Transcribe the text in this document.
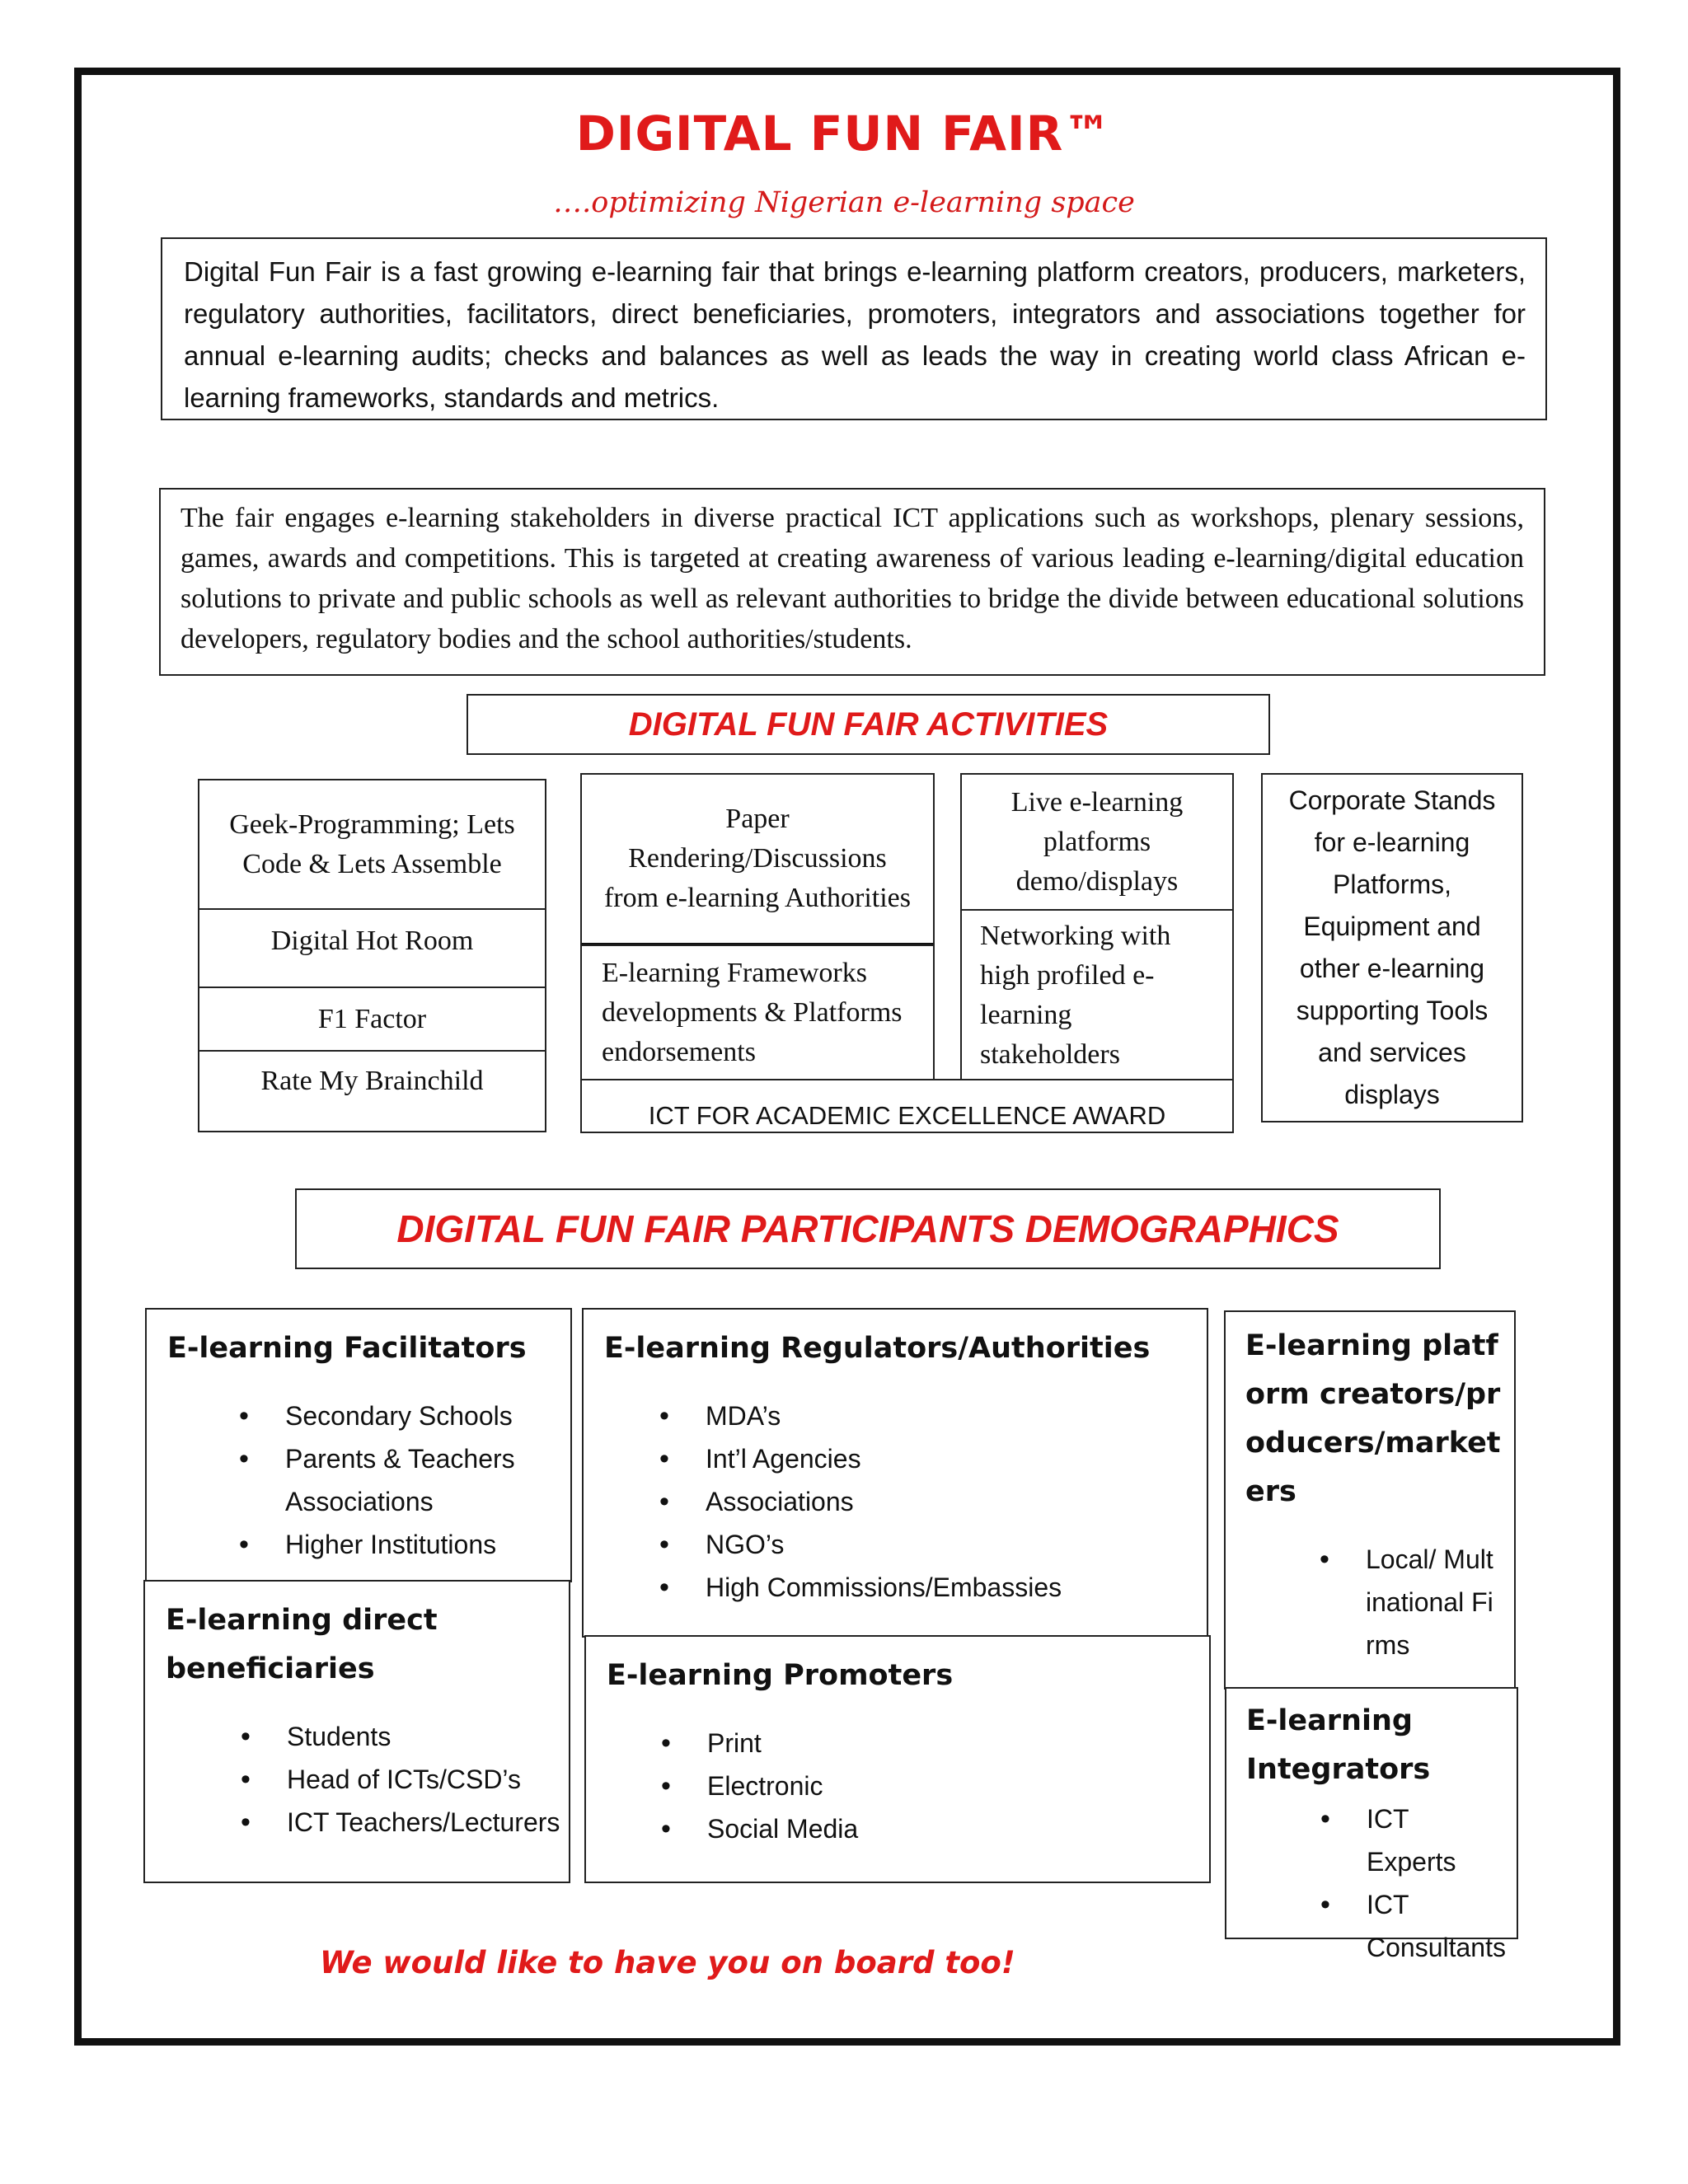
DIGITAL FUN FAIR™
….optimizing Nigerian e-learning space
Digital Fun Fair is a fast growing e-learning fair that brings e-learning platform creators, producers, marketers, regulatory authorities, facilitators, direct beneficiaries, promoters, integrators and associations together for annual e-learning audits; checks and balances as well as leads the way in creating world class African e-learning frameworks, standards and metrics.
The fair engages e-learning stakeholders in diverse practical ICT applications such as workshops, plenary sessions, games, awards and competitions. This is targeted at creating awareness of various leading e-learning/digital education solutions to private and public schools as well as relevant authorities to bridge the divide between educational solutions developers, regulatory bodies and the school authorities/students.
DIGITAL FUN FAIR ACTIVITIES
Geek-Programming; Lets Code & Lets Assemble
Digital Hot Room
F1 Factor
Rate My Brainchild
Paper Rendering/Discussions from e-learning Authorities
E-learning Frameworks developments & Platforms endorsements
Live e-learning platforms demo/displays
Networking with high profiled e-learning stakeholders
ICT FOR ACADEMIC EXCELLENCE AWARD
Corporate Stands for e-learning Platforms, Equipment and other e-learning supporting Tools and services displays
DIGITAL FUN FAIR PARTICIPANTS DEMOGRAPHICS
E-learning Facilitators
• Secondary Schools
• Parents & Teachers Associations
• Higher Institutions
E-learning direct beneficiaries
• Students
• Head of ICTs/CSD’s
• ICT Teachers/Lecturers
E-learning Regulators/Authorities
• MDA’s
• Int’l Agencies
• Associations
• NGO’s
• High Commissions/Embassies
E-learning Promoters
• Print
• Electronic
• Social Media
E-learning platform creators/producers/marketers
• Local/ Multinational Firms
E-learning Integrators
• ICT Experts
• ICT Consultants
We would like to have you on board too!
